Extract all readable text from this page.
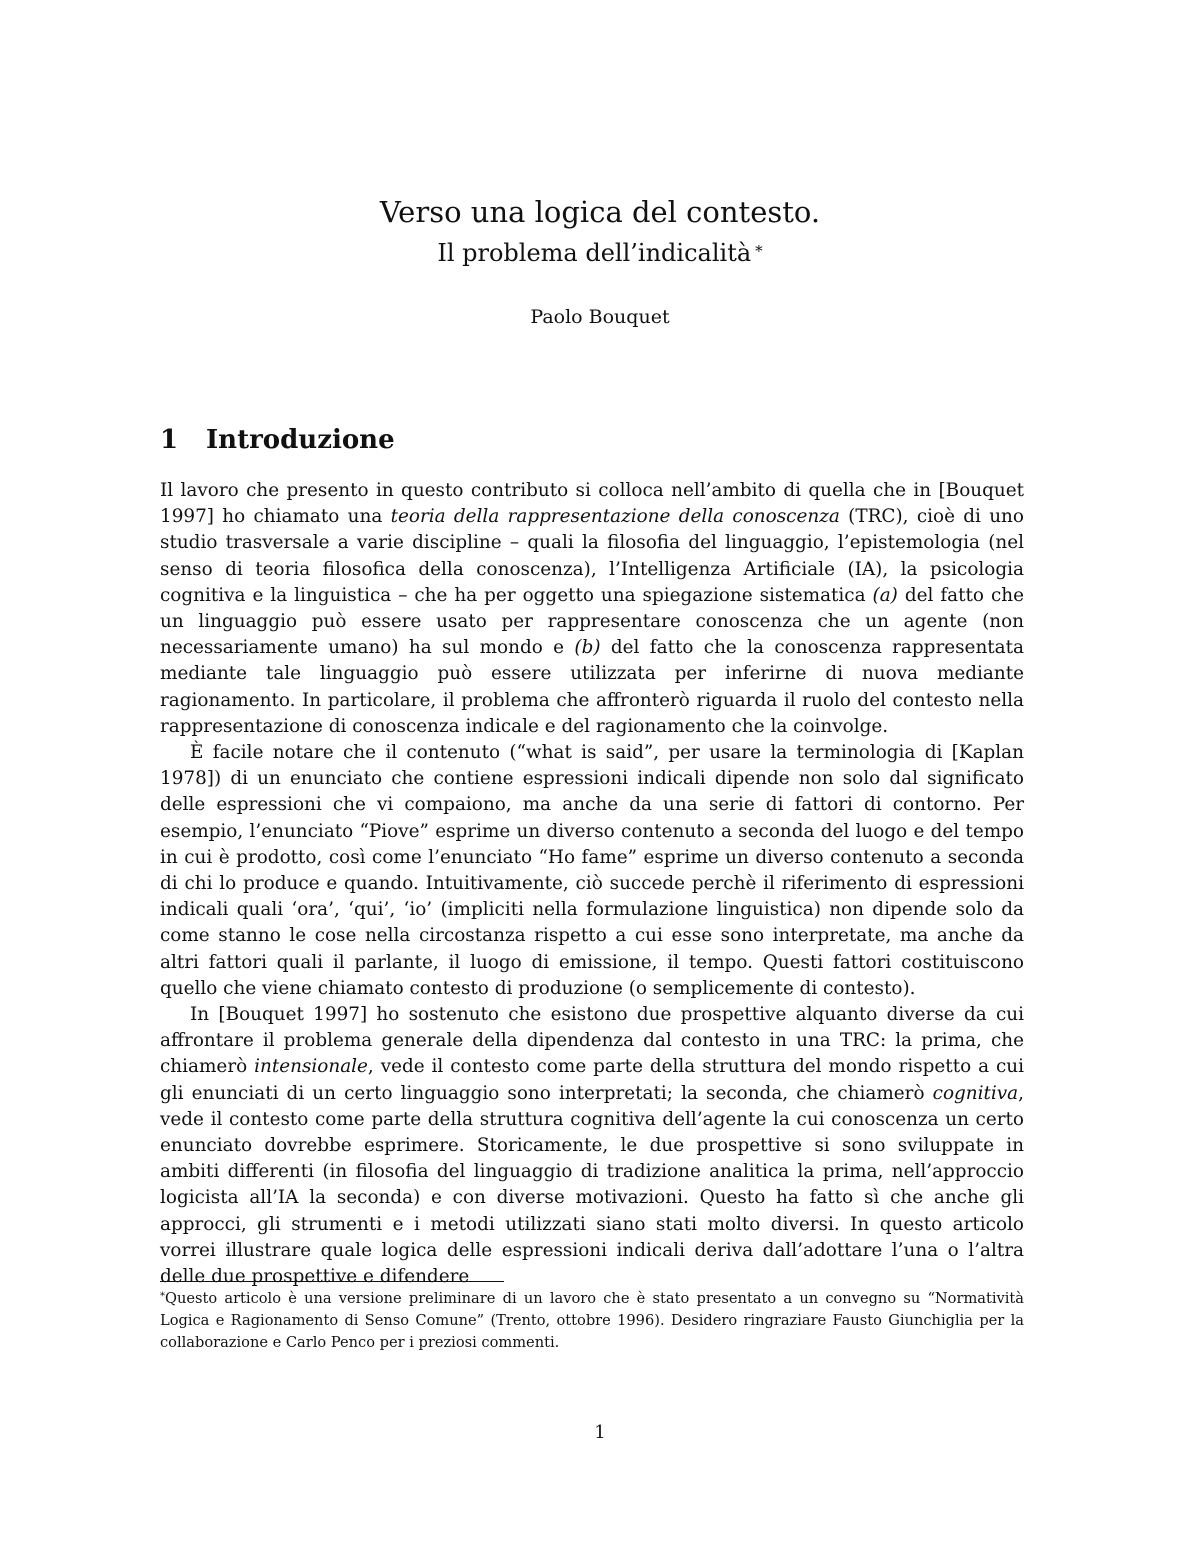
Verso una logica del contesto.
Il problema dell’indicalità *
Paolo Bouquet
1 Introduzione

Il lavoro che presento in questo contributo si colloca nell’ambito di quella che in [Bouquet 1997] ho chiamato una teoria della rappresentazione della conoscenza (TRC), cioè di uno studio trasversale a varie discipline – quali la filosofia del linguaggio, l’epistemologia (nel senso di teoria filosofica della conoscenza), l’Intelligenza Artificiale (IA), la psicologia cognitiva e la linguistica – che ha per oggetto una spiegazione sistematica (a) del fatto che un linguaggio può essere usato per rappresentare conoscenza che un agente (non necessariamente umano) ha sul mondo e (b) del fatto che la conoscenza rappresentata mediante tale linguaggio può essere utilizzata per inferirne di nuova mediante ragionamento. In particolare, il problema che affronterò riguarda il ruolo del contesto nella rappresentazione di conoscenza indicale e del ragionamento che la coinvolge.

È facile notare che il contenuto (“what is said”, per usare la terminologia di [Kaplan 1978]) di un enunciato che contiene espressioni indicali dipende non solo dal significato delle espressioni che vi compaiono, ma anche da una serie di fattori di contorno. Per esempio, l’enunciato “Piove” esprime un diverso contenuto a seconda del luogo e del tempo in cui è prodotto, così come l’enunciato “Ho fame” esprime un diverso contenuto a seconda di chi lo produce e quando. Intuitivamente, ciò succede perchè il riferimento di espressioni indicali quali ‘ora’, ‘qui’, ‘io’ (impliciti nella formulazione linguistica) non dipende solo da come stanno le cose nella circostanza rispetto a cui esse sono interpretate, ma anche da altri fattori quali il parlante, il luogo di emissione, il tempo. Questi fattori costituiscono quello che viene chiamato contesto di produzione (o semplicemente di contesto).

In [Bouquet 1997] ho sostenuto che esistono due prospettive alquanto diverse da cui affrontare il problema generale della dipendenza dal contesto in una TRC: la prima, che chiamerò intensionale, vede il contesto come parte della struttura del mondo rispetto a cui gli enunciati di un certo linguaggio sono interpretati; la seconda, che chiamerò cognitiva, vede il contesto come parte della struttura cognitiva dell’agente la cui conoscenza un certo enunciato dovrebbe esprimere. Storicamente, le due prospettive si sono sviluppate in ambiti differenti (in filosofia del linguaggio di tradizione analitica la prima, nell’approccio logicista all’IA la seconda) e con diverse motivazioni. Questo ha fatto sì che anche gli approcci, gli strumenti e i metodi utilizzati siano stati molto diversi. In questo articolo vorrei illustrare quale logica delle espressioni indicali deriva dall’adottare l’una o l’altra delle due prospettive e difendere

*Questo articolo è una versione preliminare di un lavoro che è stato presentato a un convegno su “Normatività Logica e Ragionamento di Senso Comune” (Trento, ottobre 1996). Desidero ringraziare Fausto Giunchiglia per la collaborazione e Carlo Penco per i preziosi commenti.
1
